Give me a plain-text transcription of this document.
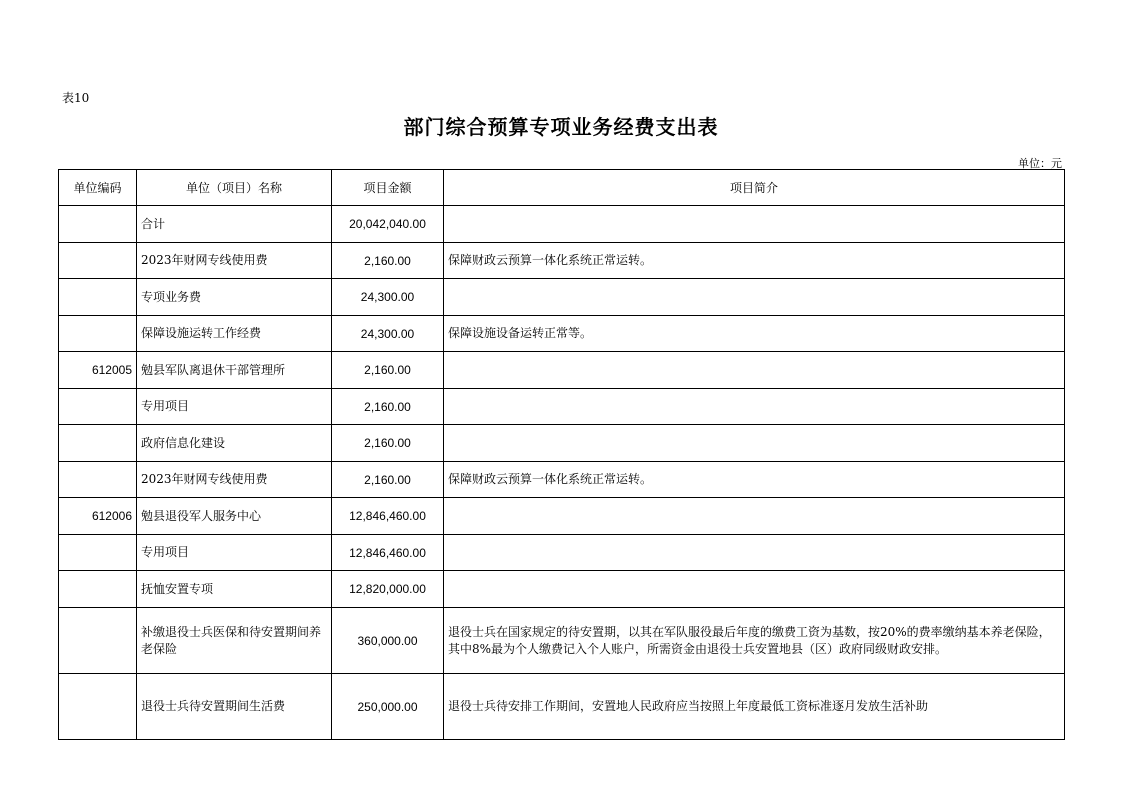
表10
部门综合预算专项业务经费支出表
单位：元
单位编码	单位（项目）名称	项目金额	项目简介
	合计	20,042,040.00	
	2023年财网专线使用费	2,160.00	保障财政云预算一体化系统正常运转。
	专项业务费	24,300.00	
	保障设施运转工作经费	24,300.00	保障设施设备运转正常等。
612005	勉县军队离退休干部管理所	2,160.00	
	专用项目	2,160.00	
	政府信息化建设	2,160.00	
	2023年财网专线使用费	2,160.00	保障财政云预算一体化系统正常运转。
612006	勉县退役军人服务中心	12,846,460.00	
	专用项目	12,846,460.00	
	抚恤安置专项	12,820,000.00	
	补缴退役士兵医保和待安置期间养老保险	360,000.00	退役士兵在国家规定的待安置期，以其在军队服役最后年度的缴费工资为基数，按20%的费率缴纳基本养老保险，其中8%最为个人缴费记入个人账户，所需资金由退役士兵安置地县（区）政府同级财政安排。
	退役士兵待安置期间生活费	250,000.00	退役士兵待安排工作期间，安置地人民政府应当按照上年度最低工资标准逐月发放生活补助
